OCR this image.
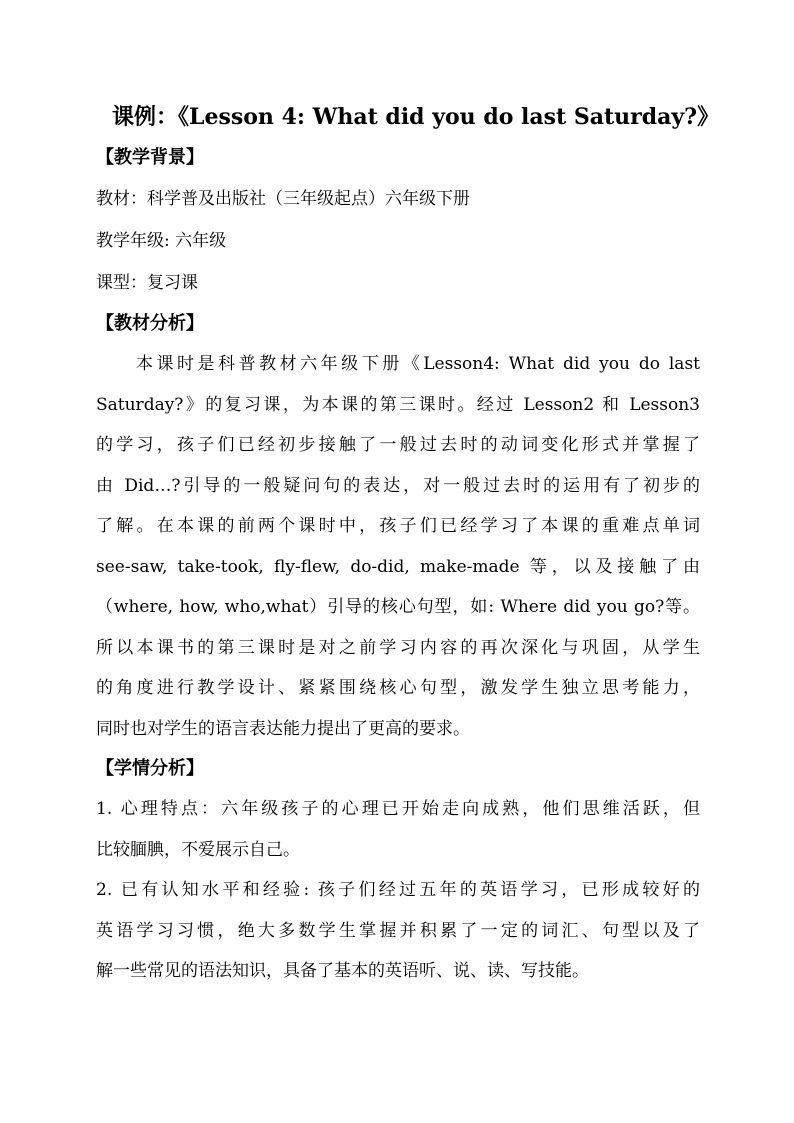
课例：《Lesson 4: What did you do last Saturday?》

【教学背景】

教材：科学普及出版社（三年级起点）六年级下册

教学年级: 六年级

课型：复习课

【教材分析】

本课时是科普教材六年级下册《Lesson4: What did you do last
Saturday?》的复习课，为本课的第三课时。经过 Lesson2 和 Lesson3
的学习，孩子们已经初步接触了一般过去时的动词变化形式并掌握了
由 Did…?引导的一般疑问句的表达，对一般过去时的运用有了初步的
了解。在本课的前两个课时中，孩子们已经学习了本课的重难点单词
see-saw, take-took, fly-flew, do-did, make-made 等，以及接触了由
（where, how, who,what）引导的核心句型，如: Where did you go?等。
所以本课书的第三课时是对之前学习内容的再次深化与巩固，从学生
的角度进行教学设计、紧紧围绕核心句型，激发学生独立思考能力，
同时也对学生的语言表达能力提出了更高的要求。

【学情分析】

1. 心理特点：六年级孩子的心理已开始走向成熟，他们思维活跃，但
比较腼腆，不爱展示自己。
2. 已有认知水平和经验: 孩子们经过五年的英语学习，已形成较好的
英语学习习惯，绝大多数学生掌握并积累了一定的词汇、句型以及了
解一些常见的语法知识，具备了基本的英语听、说、读、写技能。
